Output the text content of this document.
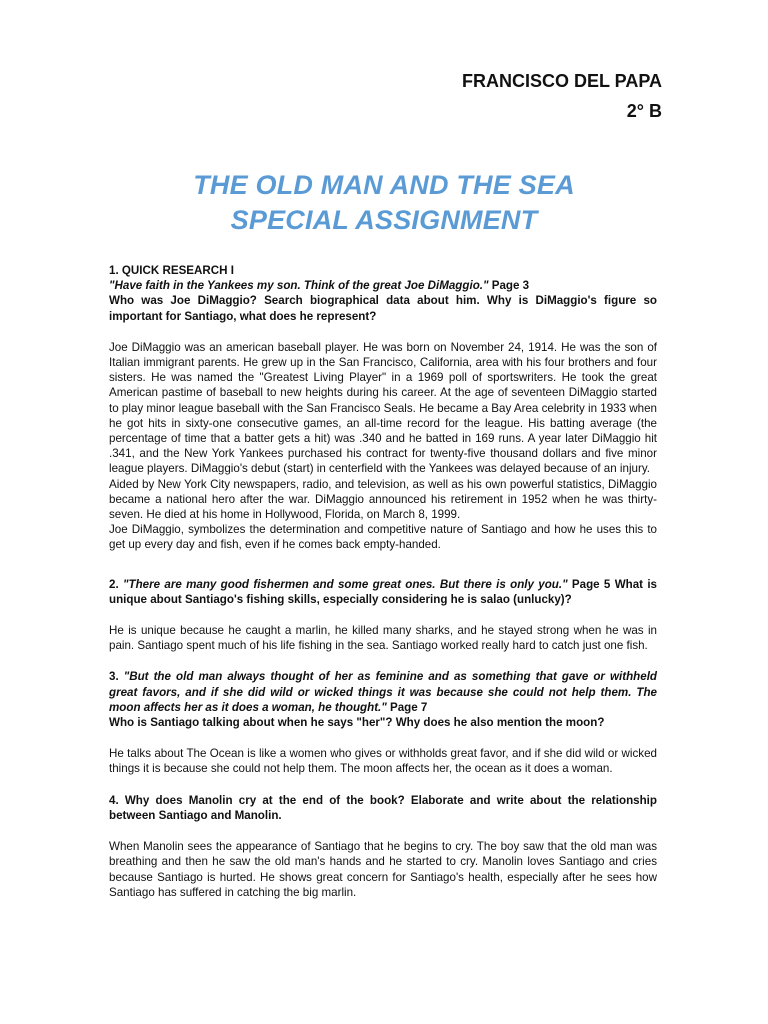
FRANCISCO DEL PAPA
2° B
THE OLD MAN AND THE SEA
SPECIAL ASSIGNMENT

1. QUICK RESEARCH I

"Have faith in the Yankees my son. Think of the great Joe DiMaggio." Page 3

Who was Joe DiMaggio? Search biographical data about him. Why is DiMaggio's figure so important for Santiago, what does he represent?

Joe DiMaggio was an american baseball player. He was born on November 24, 1914. He was the son of Italian immigrant parents. He grew up in the San Francisco, California, area with his four brothers and four sisters. He was named the "Greatest Living Player" in a 1969 poll of sportswriters. He took the great American pastime of baseball to new heights during his career. At the age of seventeen DiMaggio started to play minor league baseball with the San Francisco Seals. He became a Bay Area celebrity in 1933 when he got hits in sixty-one consecutive games, an all-time record for the league. His batting average (the percentage of time that a batter gets a hit) was .340 and he batted in 169 runs. A year later DiMaggio hit .341, and the New York Yankees purchased his contract for twenty-five thousand dollars and five minor league players. DiMaggio's debut (start) in centerfield with the Yankees was delayed because of an injury.

Aided by New York City newspapers, radio, and television, as well as his own powerful statistics, DiMaggio became a national hero after the war. DiMaggio announced his retirement in 1952 when he was thirty-seven. He died at his home in Hollywood, Florida, on March 8, 1999.

Joe DiMaggio, symbolizes the determination and competitive nature of Santiago and how he uses this to get up every day and fish, even if he comes back empty-handed.

2. "There are many good fishermen and some great ones. But there is only you." Page 5 What is unique about Santiago's fishing skills, especially considering he is salao (unlucky)?

He is unique because he caught a marlin, he killed many sharks, and he stayed strong when he was in pain. Santiago spent much of his life fishing in the sea. Santiago worked really hard to catch just one fish.

3. "But the old man always thought of her as feminine and as something that gave or withheld great favors, and if she did wild or wicked things it was because she could not help them. The moon affects her as it does a woman, he thought." Page 7

Who is Santiago talking about when he says "her"? Why does he also mention the moon?

He talks about The Ocean is like a women who gives or withholds great favor, and if she did wild or wicked things it is because she could not help them. The moon affects her, the ocean as it does a woman.

4. Why does Manolin cry at the end of the book? Elaborate and write about the relationship between Santiago and Manolin.

When Manolin sees the appearance of Santiago that he begins to cry. The boy saw that the old man was breathing and then he saw the old man's hands and he started to cry. Manolin loves Santiago and cries because Santiago is hurted. He shows great concern for Santiago's health, especially after he sees how Santiago has suffered in catching the big marlin.
